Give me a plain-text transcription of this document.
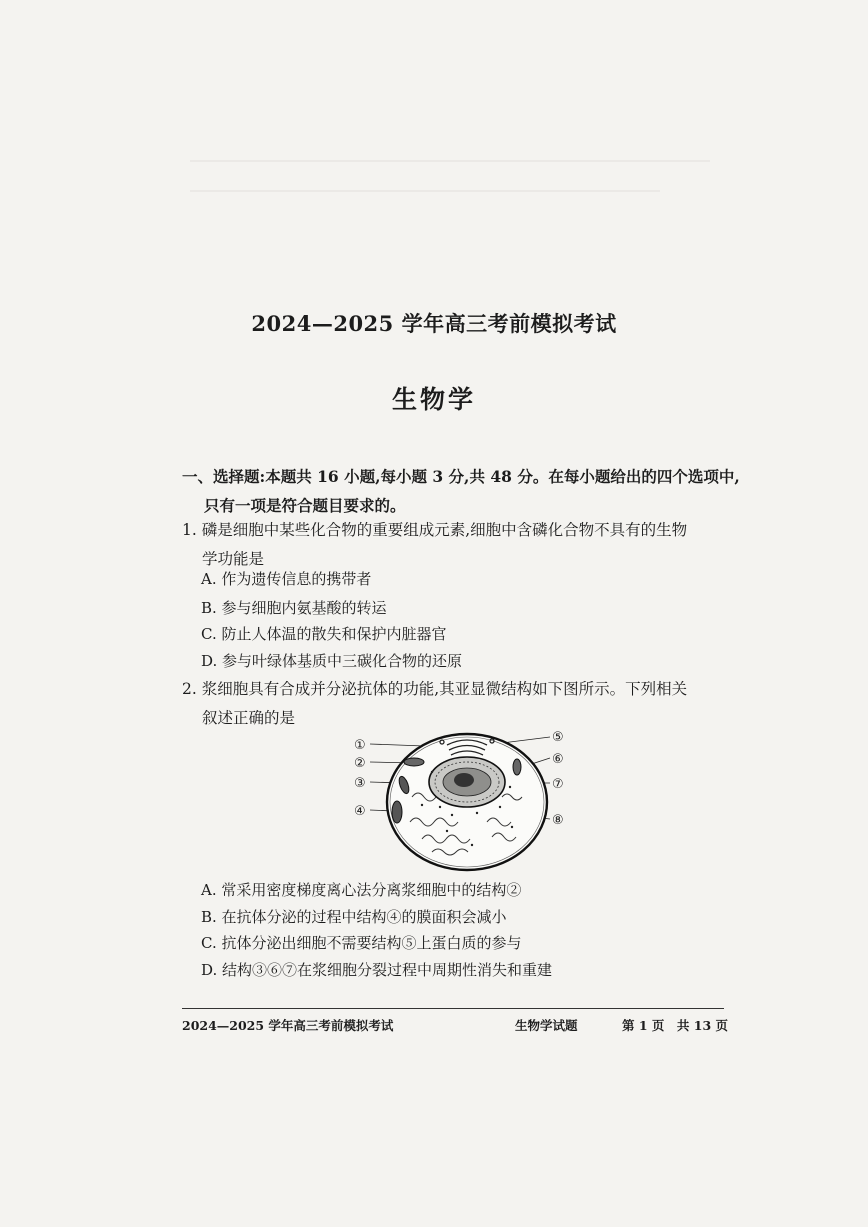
2024—2025 学年高三考前模拟考试
生物学
一、选择题:本题共 16 小题,每小题 3 分,共 48 分。在每小题给出的四个选项中,
只有一项是符合题目要求的。
1. 磷是细胞中某些化合物的重要组成元素,细胞中含磷化合物不具有的生物
学功能是
A. 作为遗传信息的携带者
B. 参与细胞内氨基酸的转运
C. 防止人体温的散失和保护内脏器官
D. 参与叶绿体基质中三碳化合物的还原
2. 浆细胞具有合成并分泌抗体的功能,其亚显微结构如下图所示。下列相关
叙述正确的是
①
②
③
④
⑤
⑥
⑦
⑧
A. 常采用密度梯度离心法分离浆细胞中的结构②
B. 在抗体分泌的过程中结构④的膜面积会减小
C. 抗体分泌出细胞不需要结构⑤上蛋白质的参与
D. 结构③⑥⑦在浆细胞分裂过程中周期性消失和重建
2024—2025 学年高三考前模拟考试	生物学试题	第 1 页　共 13 页
